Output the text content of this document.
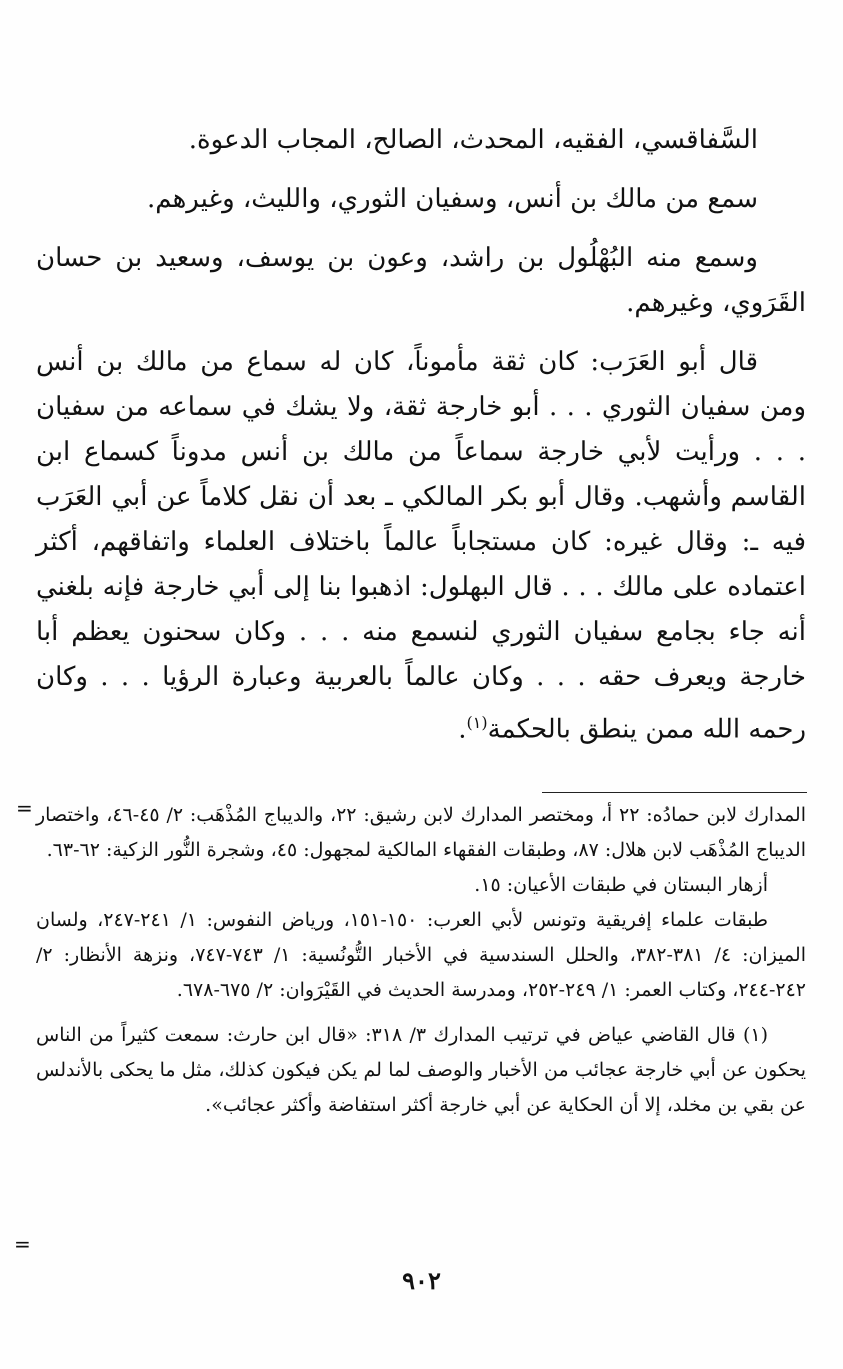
السَّفاقسي، الفقيه، المحدث، الصالح، المجاب الدعوة.

سمع من مالك بن أنس، وسفيان الثوري، والليث، وغيرهم.

وسمع منه البُهْلُول بن راشد، وعون بن يوسف، وسعيد بن حسان القَرَوي، وغيرهم.

قال أبو العَرَب: كان ثقة مأموناً، كان له سماع من مالك بن أنس ومن سفيان الثوري . . . أبو خارجة ثقة، ولا يشك في سماعه من سفيان . . . ورأيت لأبي خارجة سماعاً من مالك بن أنس مدوناً كسماع ابن القاسم وأشهب. وقال أبو بكر المالكي ـ بعد أن نقل كلاماً عن أبي العَرَب فيه ـ: وقال غيره: كان مستجاباً عالماً باختلاف العلماء واتفاقهم، أكثر اعتماده على مالك . . . قال البهلول: اذهبوا بنا إلى أبي خارجة فإنه بلغني أنه جاء بجامع سفيان الثوري لنسمع منه . . . وكان سحنون يعظم أبا خارجة ويعرف حقه . . . وكان عالماً بالعربية وعبارة الرؤيا . . . وكان رحمه الله ممن ينطق بالحكمة$^{(١)}$.

= المدارك لابن حمادُه: ٢٢ أ، ومختصر المدارك لابن رشيق: ٢٢، والديباج المُذْهَب: ٢/ ٤٥-٤٦، واختصار الديباج المُذْهَب لابن هلال: ٨٧، وطبقات الفقهاء المالكية لمجهول: ٤٥، وشجرة النُّور الزكية: ٦٢-٦٣.

أزهار البستان في طبقات الأعيان: ١٥.

طبقات علماء إفريقية وتونس لأبي العرب: ١٥٠-١٥١، ورياض النفوس: ١/ ٢٤١-٢٤٧، ولسان الميزان: ٤/ ٣٨١-٣٨٢، والحلل السندسية في الأخبار التُّونُسية: ١/ ٧٤٣-٧٤٧، ونزهة الأنظار: ٢/ ٢٤٢-٢٤٤، وكتاب العمر: ١/ ٢٤٩-٢٥٢، ومدرسة الحديث في القَيْرَوان: ٢/ ٦٧٥-٦٧٨.

(١) قال القاضي عياض في ترتيب المدارك ٣/ ٣١٨: «قال ابن حارث: سمعت كثيراً من الناس يحكون عن أبي خارجة عجائب من الأخبار والوصف لما لم يكن فيكون كذلك، مثل ما يحكى بالأندلس عن بقي بن مخلد، إلا أن الحكاية عن أبي خارجة أكثر استفاضة وأكثر عجائب».

=
٩٠٢
